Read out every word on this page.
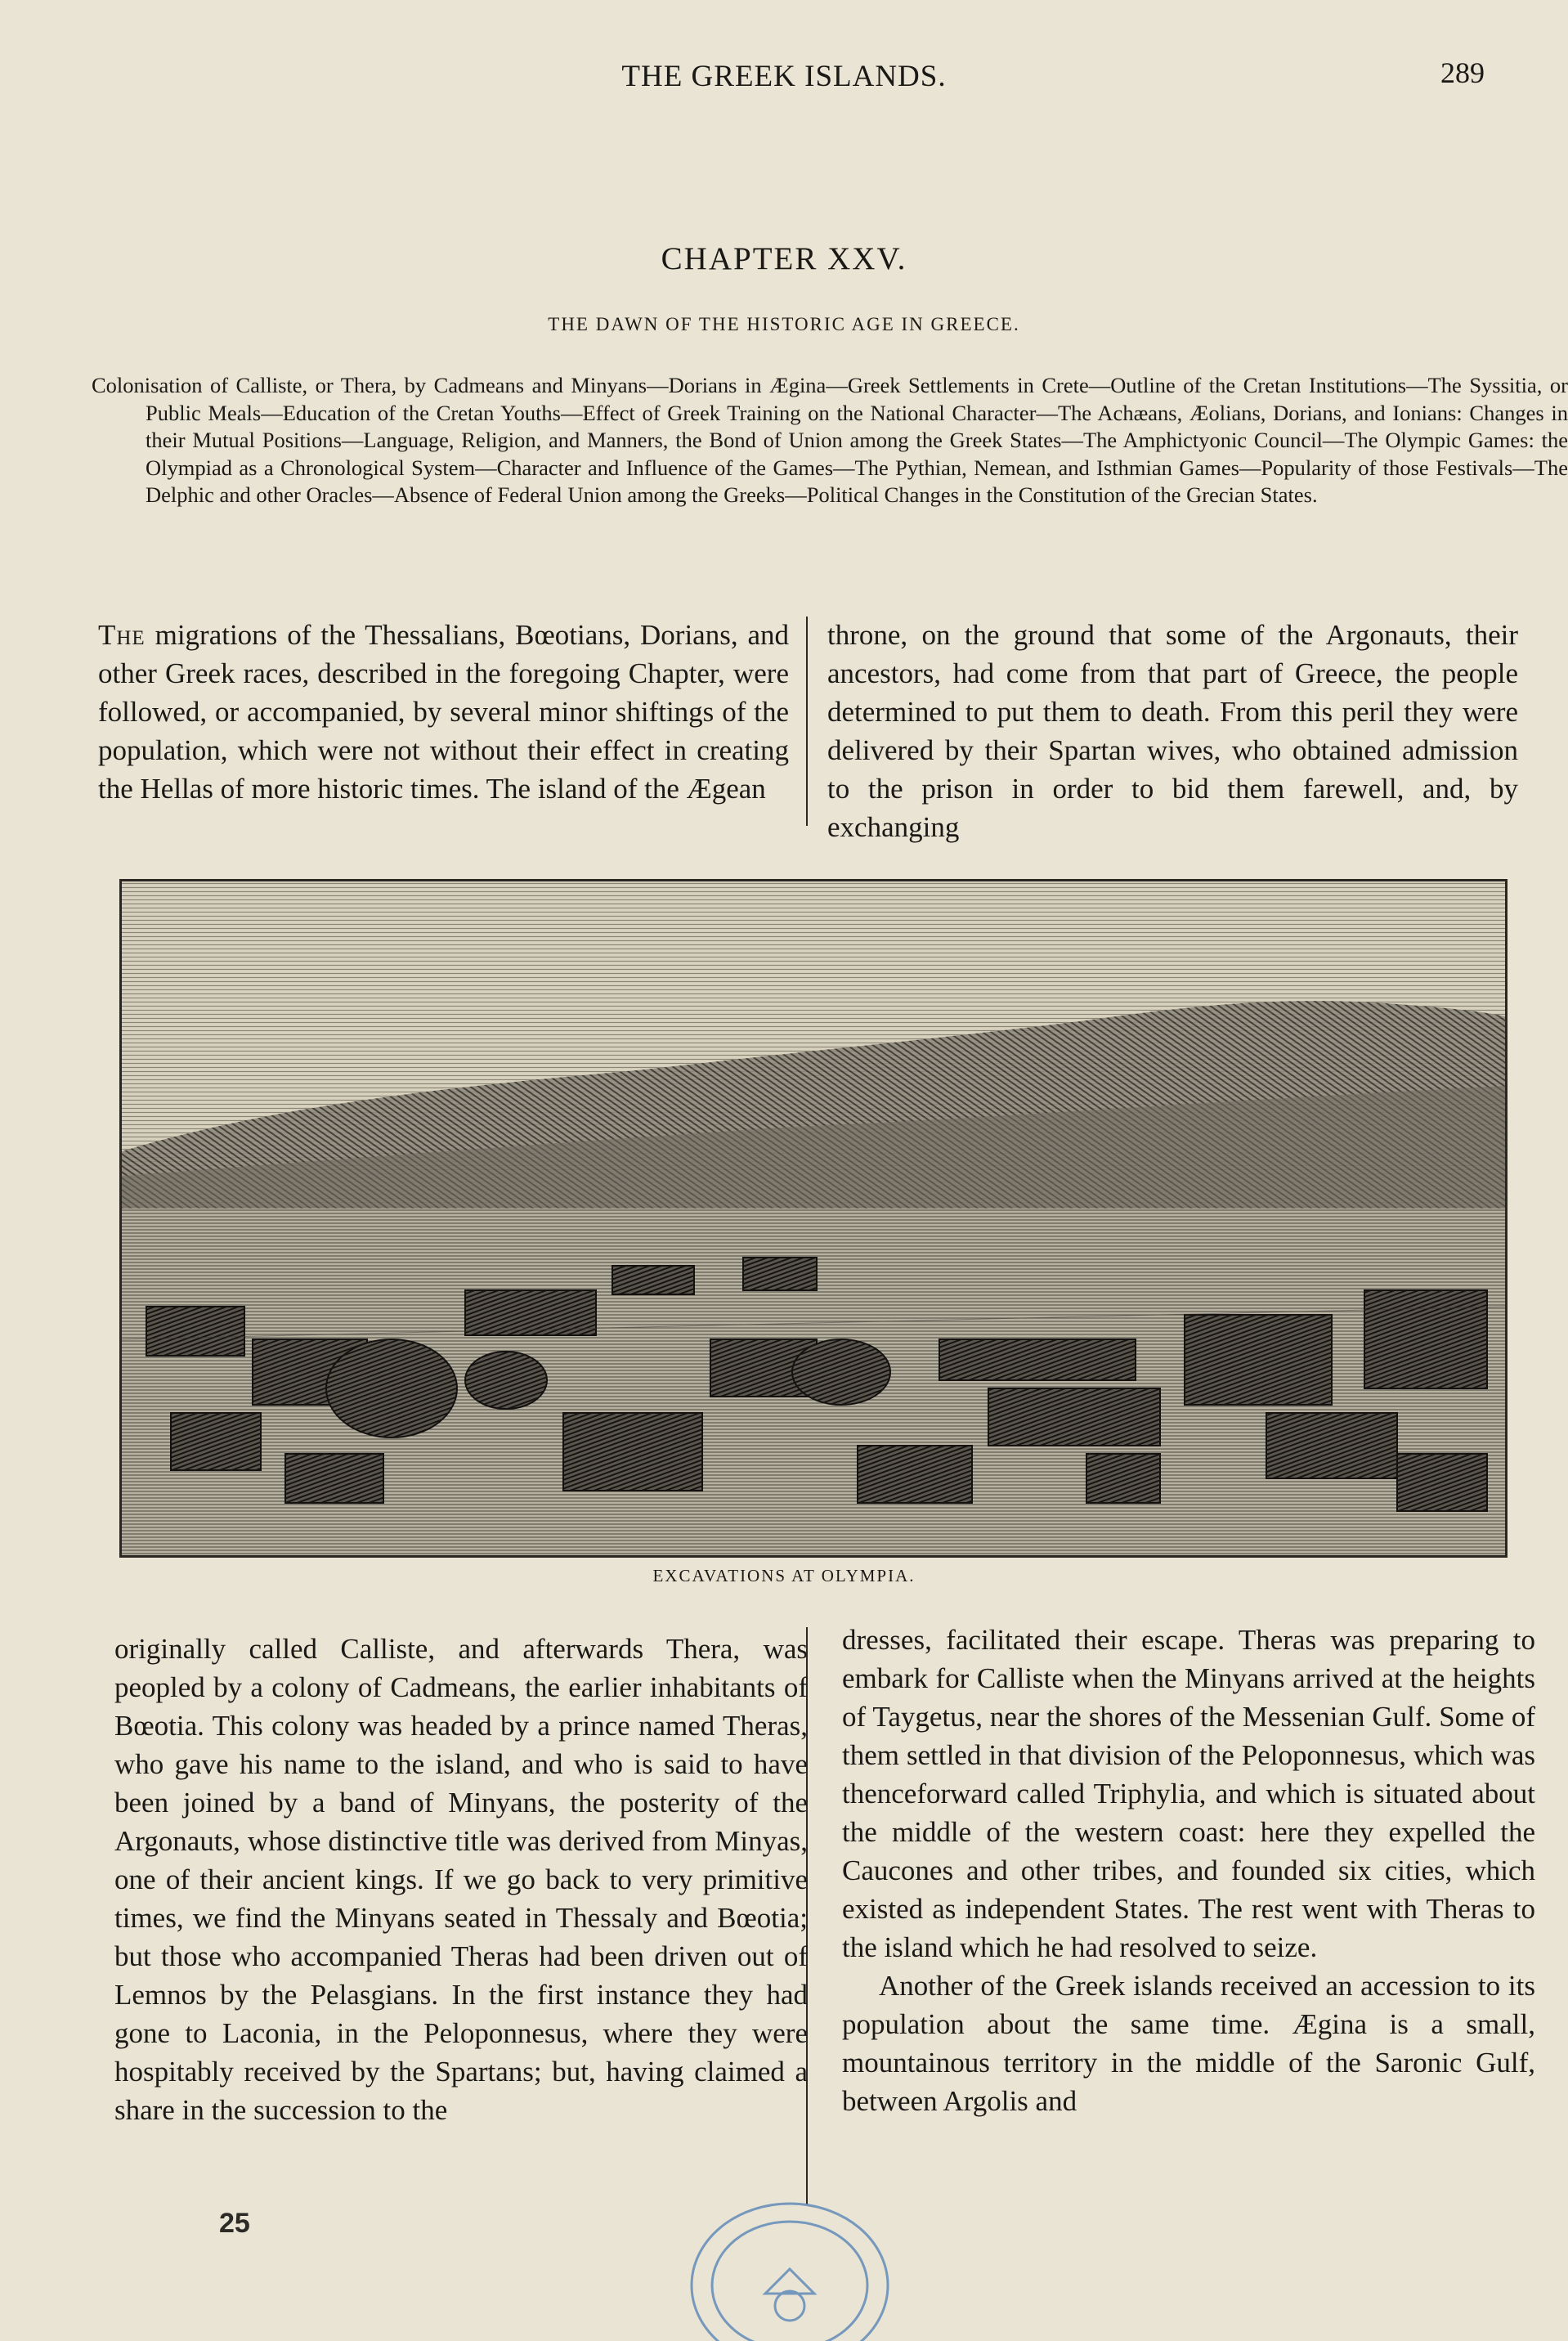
THE GREEK ISLANDS.	289
CHAPTER XXV.
THE DAWN OF THE HISTORIC AGE IN GREECE.

Colonisation of Calliste, or Thera, by Cadmeans and Minyans—Dorians in Ægina—Greek Settlements in Crete—Outline of the Cretan Institutions—The Syssitia, or Public Meals—Education of the Cretan Youths—Effect of Greek Training on the National Character—The Achæans, Æolians, Dorians, and Ionians: Changes in their Mutual Positions—Language, Religion, and Manners, the Bond of Union among the Greek States—The Amphictyonic Council—The Olympic Games: the Olympiad as a Chronological System—Character and Influence of the Games—The Pythian, Nemean, and Isthmian Games—Popularity of those Festivals—The Delphic and other Oracles—Absence of Federal Union among the Greeks—Political Changes in the Constitution of the Grecian States.

The migrations of the Thessalians, Bœotians, Dorians, and other Greek races, described in the foregoing Chapter, were followed, or accompanied, by several minor shiftings of the population, which were not without their effect in creating the Hellas of more historic times. The island of the Ægean

throne, on the ground that some of the Argonauts, their ancestors, had come from that part of Greece, the people determined to put them to death. From this peril they were delivered by their Spartan wives, who obtained admission to the prison in order to bid them farewell, and, by exchanging

EXCAVATIONS AT OLYMPIA.

originally called Calliste, and afterwards Thera, was peopled by a colony of Cadmeans, the earlier inhabitants of Bœotia. This colony was headed by a prince named Theras, who gave his name to the island, and who is said to have been joined by a band of Minyans, the posterity of the Argonauts, whose distinctive title was derived from Minyas, one of their ancient kings. If we go back to very primitive times, we find the Minyans seated in Thessaly and Bœotia; but those who accompanied Theras had been driven out of Lemnos by the Pelasgians. In the first instance they had gone to Laconia, in the Peloponnesus, where they were hospitably received by the Spartans; but, having claimed a share in the succession to the

dresses, facilitated their escape. Theras was preparing to embark for Calliste when the Minyans arrived at the heights of Taygetus, near the shores of the Messenian Gulf. Some of them settled in that division of the Peloponnesus, which was thenceforward called Triphylia, and which is situated about the middle of the western coast: here they expelled the Caucones and other tribes, and founded six cities, which existed as independent States. The rest went with Theras to the island which he had resolved to seize.
Another of the Greek islands received an accession to its population about the same time. Ægina is a small, mountainous territory in the middle of the Saronic Gulf, between Argolis and
25
